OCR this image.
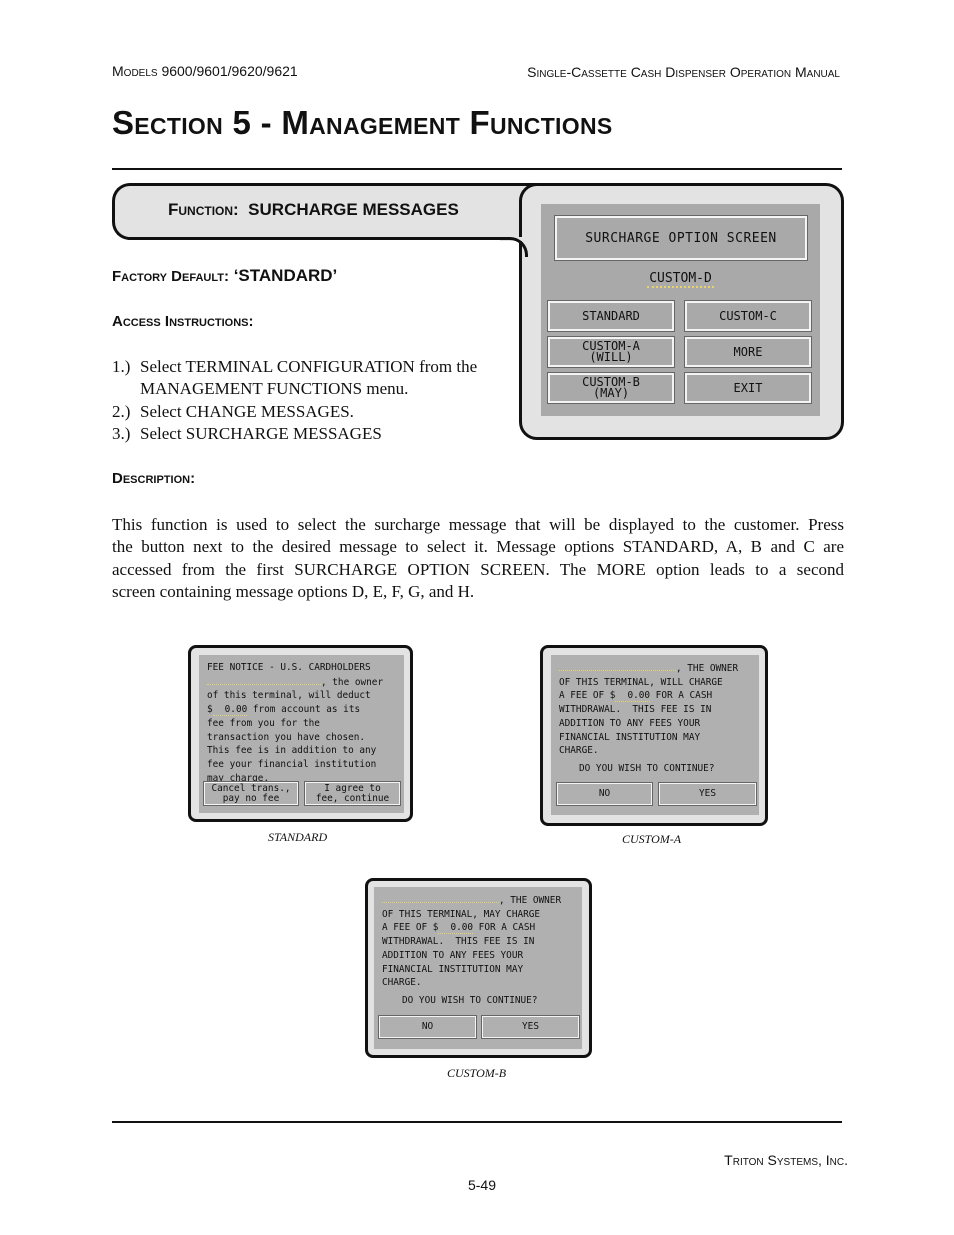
Models 9600/9601/9620/9621	Single-Cassette Cash Dispenser Operation Manual
Section 5 - Management Functions
Function: SURCHARGE MESSAGES
SURCHARGE OPTION SCREEN
CUSTOM-D
STANDARD	CUSTOM-C
CUSTOM-A
(WILL)	MORE
CUSTOM-B
(MAY)	EXIT
Factory Default: ‘STANDARD’
Access Instructions:
1.) Select TERMINAL CONFIGURATION from the
MANAGEMENT FUNCTIONS menu.
2.) Select CHANGE MESSAGES.
3.) Select SURCHARGE MESSAGES
Description:
This function is used to select the surcharge message that will be displayed to the customer. Press
the button next to the desired message to select it. Message options STANDARD, A, B and C are
accessed from the first SURCHARGE OPTION SCREEN. The MORE option leads to a second
screen containing message options D, E, F, G, and H.
FEE NOTICE - U.S. CARDHOLDERS
, the owner
of this terminal, will deduct
$ 0.00 from account as its
fee from you for the
transaction you have chosen.
This fee is in addition to any
fee your financial institution
may charge.
Cancel trans.,
pay no fee
I agree to
fee, continue
STANDARD
, THE OWNER
OF THIS TERMINAL, WILL CHARGE
A FEE OF $ 0.00 FOR A CASH
WITHDRAWAL.  THIS FEE IS IN
ADDITION TO ANY FEES YOUR
FINANCIAL INSTITUTION MAY
CHARGE.
DO YOU WISH TO CONTINUE?
NO	YES
CUSTOM-A
, THE OWNER
OF THIS TERMINAL, MAY CHARGE
A FEE OF $ 0.00 FOR A CASH
WITHDRAWAL.  THIS FEE IS IN
ADDITION TO ANY FEES YOUR
FINANCIAL INSTITUTION MAY
CHARGE.
DO YOU WISH TO CONTINUE?
NO	YES
CUSTOM-B
Triton Systems, Inc.
5-49
